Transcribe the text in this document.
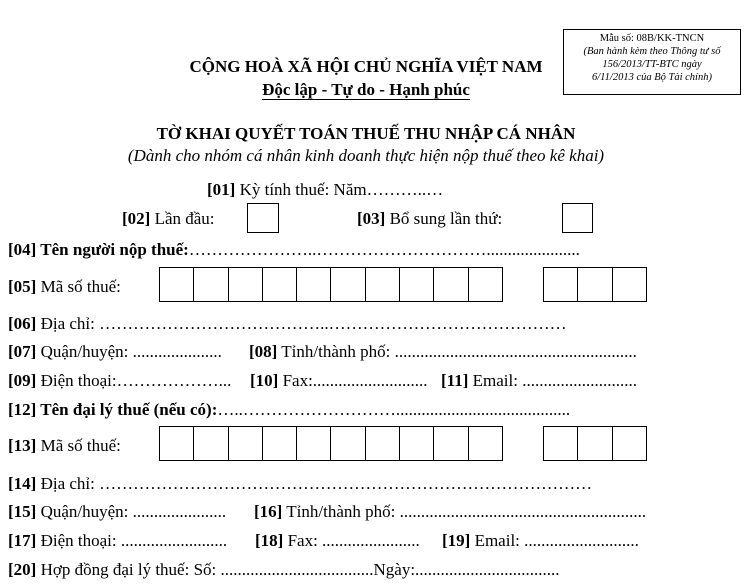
Mẫu số: 08B/KK-TNCN
(Ban hành kèm theo Thông tư số
156/2013/TT-BTC ngày
6/11/2013 của Bộ Tài chính)
CỘNG HOÀ XÃ HỘI CHỦ NGHĨA VIỆT NAM
Độc lập - Tự do - Hạnh phúc
TỜ KHAI QUYẾT TOÁN THUẾ THU NHẬP CÁ NHÂN
(Dành cho nhóm cá nhân kinh doanh thực hiện nộp thuế theo kê khai)
[01] Kỳ tính thuế: Năm………..…
[02] Lần đầu:	[03] Bổ sung lần thứ:
[04] Tên người nộp thuế:…………………..…………………………......................
[05] Mã số thuế:
[06] Địa chỉ: …………………………………..……………………………………
[07] Quận/huyện: ..................... [08] Tỉnh/thành phố: .........................................................
[09] Điện thoại:………………... [10] Fax:........................... [11] Email: ...........................
[12] Tên đại lý thuế (nếu có):…..……………………….........................................
[13] Mã số thuế:
[14] Địa chỉ: ……………………………………………………………………………
[15] Quận/huyện: ...................... [16] Tỉnh/thành phố: ..........................................................
[17] Điện thoại: ......................... [18] Fax: ....................... [19] Email: ...........................
[20] Hợp đồng đại lý thuế: Số: ....................................Ngày:..................................
